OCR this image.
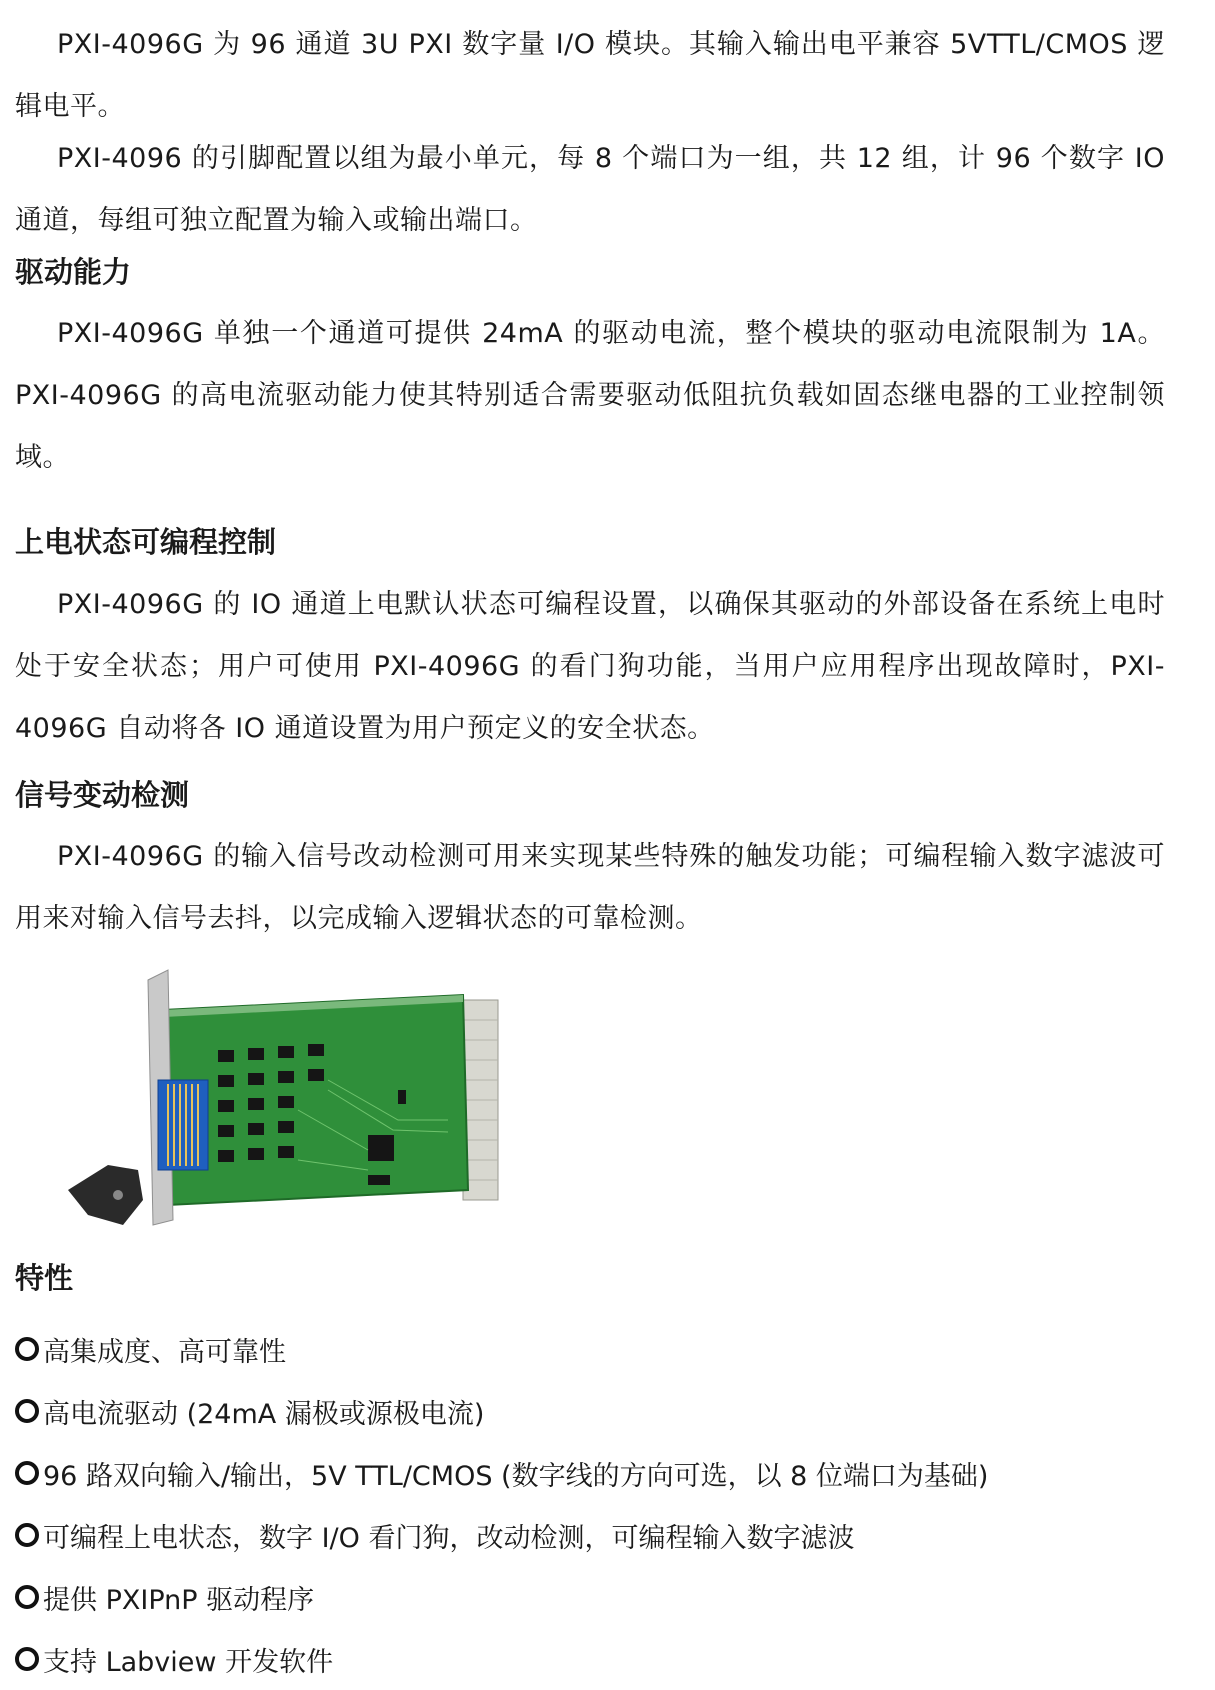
PXI-4096G 为 96 通道 3U PXI 数字量 I/O 模块。其输入输出电平兼容 5VTTL/CMOS 逻辑电平。

PXI-4096 的引脚配置以组为最小单元，每 8 个端口为一组，共 12 组，计 96 个数字 IO 通道，每组可独立配置为输入或输出端口。

驱动能力

PXI-4096G 单独一个通道可提供 24mA 的驱动电流，整个模块的驱动电流限制为 1A。PXI-4096G 的高电流驱动能力使其特别适合需要驱动低阻抗负载如固态继电器的工业控制领域。

上电状态可编程控制

PXI-4096G 的 IO 通道上电默认状态可编程设置，以确保其驱动的外部设备在系统上电时处于安全状态；用户可使用 PXI-4096G 的看门狗功能，当用户应用程序出现故障时，PXI-4096G 自动将各 IO 通道设置为用户预定义的安全状态。

信号变动检测

PXI-4096G 的输入信号改动检测可用来实现某些特殊的触发功能；可编程输入数字滤波可用来对输入信号去抖，以完成输入逻辑状态的可靠检测。

特性
高集成度、高可靠性
高电流驱动 (24mA 漏极或源极电流)
96 路双向输入/输出，5V TTL/CMOS (数字线的方向可选，以 8 位端口为基础)
可编程上电状态，数字 I/O 看门狗，改动检测，可编程输入数字滤波
提供 PXIPnP 驱动程序
支持 Labview 开发软件
